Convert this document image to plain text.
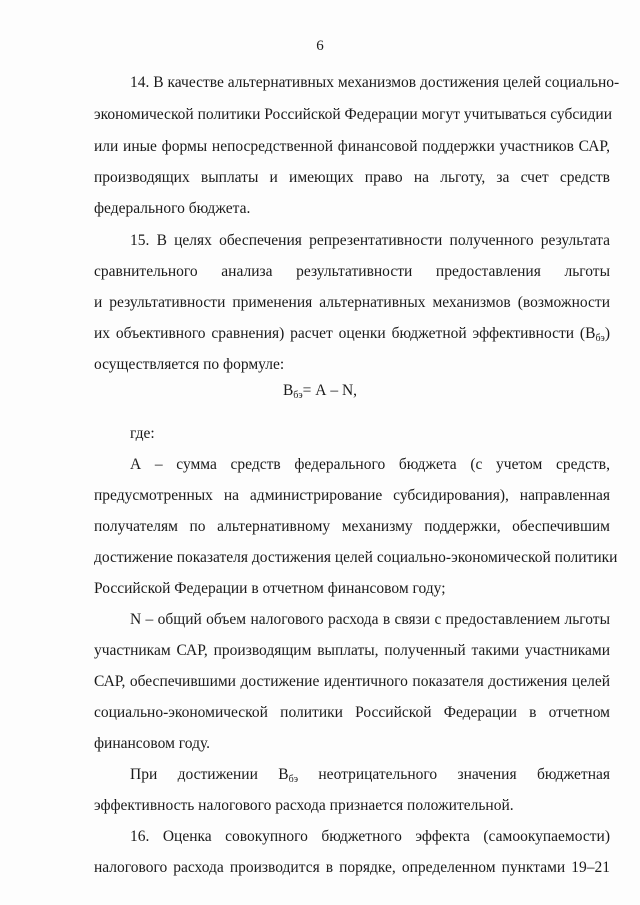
6
14. В качестве альтернативных механизмов достижения целей социально-
экономической политики Российской Федерации могут учитываться субсидии
или иные формы непосредственной финансовой поддержки участников САР,
производящих выплаты и имеющих право на льготу, за счет средств
федерального бюджета.
15. В целях обеспечения репрезентативности полученного результата
сравнительного анализа результативности предоставления льготы
и результативности применения альтернативных механизмов (возможности
их объективного сравнения) расчет оценки бюджетной эффективности $(В_{бэ})$
осуществляется по формуле:
$В_{бэ}= А - N$,
где:
А – сумма средств федерального бюджета (с учетом средств,
предусмотренных на администрирование субсидирования), направленная
получателям по альтернативному механизму поддержки, обеспечившим
достижение показателя достижения целей социально-экономической политики
Российской Федерации в отчетном финансовом году;
N – общий объем налогового расхода в связи с предоставлением льготы
участникам САР, производящим выплаты, полученный такими участниками
САР, обеспечившими достижение идентичного показателя достижения целей
социально-экономической политики Российской Федерации в отчетном
финансовом году.
При достижении $В_{бэ}$ неотрицательного значения бюджетная
эффективность налогового расхода признается положительной.
16. Оценка совокупного бюджетного эффекта (самоокупаемости)
налогового расхода производится в порядке, определенном пунктами 19–21
